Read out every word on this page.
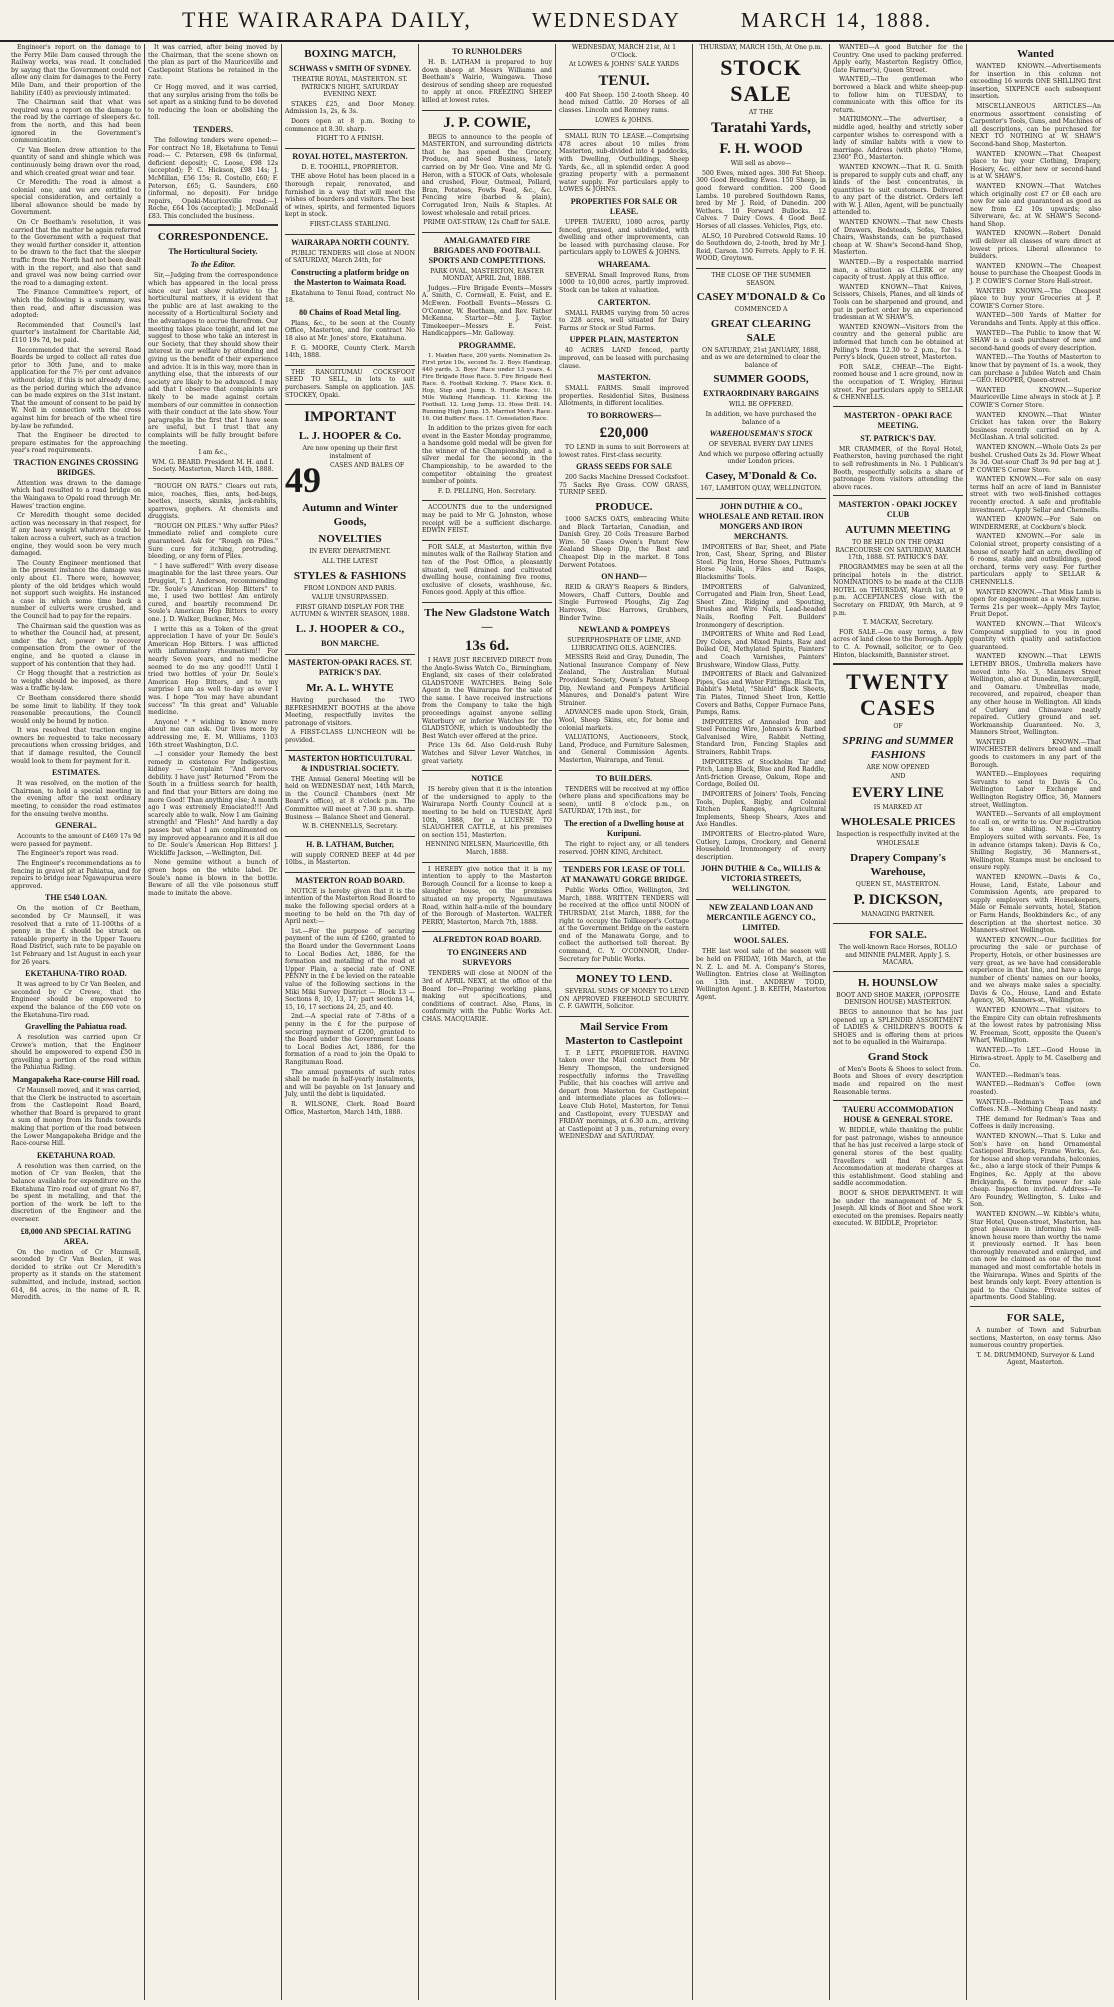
THE WAIRARAPA DAILY,	WEDNESDAY	MARCH 14, 1888.

Engineer's report on the damage to the Ferry Mile Dam caused through the Railway works, was read. It concluded by saying that the Government could not allow any claim for damages to the Ferry Mile Dam, and their proportion of the liability (£40) as previously intimated.

The Chairman said that what was required was a report on the damage to the road by the carriage of sleepers &c. from the north, and this had been ignored in the Government's communication.

Cr Van Beelen drew attention to the quantity of sand and shingle which was continuously being drawn over the road, and which created great wear and tear.

Cr Meredith: The road is almost a colonial one, and we are entitled to special consideration, and certainly a liberal allowance should be made by Government.

On Cr Beetham's resolution, it was carried that the matter be again referred to the Government with a request that they would further consider it, attention to be drawn to the fact that the sleeper traffic from the North had not been dealt with in the report, and also that sand and gravel was now being carried over the road to a damaging extent.

The Finance Committee's report, of which the following is a summary, was then read, and after discussion was adopted:

Recommended that Council's last quarter's instalment for Charitable Aid, £110 19s 7d, be paid.

Recommended that the several Road Boards be urged to collect all rates due prior to 30th June, and to make application for the 7½ per cent advance without delay, if this is not already done, as the period during which the advance can be made expires on the 31st instant. That the amount of consent to be paid by W. Noll in connection with the cross against him for breach of the wheel tire by-law be refunded.

That the Engineer be directed to prepare estimates for the approaching year's road requirements.

TRACTION ENGINES CROSSING BRIDGES.

Attention was drawn to the damage which had resulted to a road bridge on the Waingawa to Opaki road through Mr. Hawes' traction engine.

Cr Meredith thought some decided action was necessary in that respect, for if any heavy weight whatever could be taken across a culvert, such as a traction engine, they would soon be very much damaged.

The County Engineer mentioned that in the present instance the damage was only about £1. There were, however, plenty of the old bridges which would not support such weights. He instanced a case in which some time back a number of culverts were crushed, and the Council had to pay for the repairs.

The Chairman said the question was as to whether the Council had, at present, under the Act, power to recover compensation from the owner of the engine, and he quoted a clause in support of his contention that they had.

Cr Hogg thought that a restriction as to weight should be imposed, as there was a traffic by-law.

Cr Beetham considered there should be some limit to liability. If they took reasonable precautions, the Council would only be bound by notice.

It was resolved that traction engine owners be requested to take necessary precautions when crossing bridges, and that if damage resulted, the Council would look to them for payment for it.

ESTIMATES.

It was resolved, on the motion of the Chairman, to hold a special meeting in the evening after the next ordinary meeting, to consider the road estimates for the ensuing twelve months.

GENERAL.

Accounts to the amount of £469 17s 9d were passed for payment.

The Engineer's report was read.

The Engineer's recommendations as to fencing in gravel pit at Pahiatua, and for repairs to bridge near Ngawapurua were approved.

THE £540 LOAN.

On the motion of Cr Beetham, seconded by Cr Maunsell, it was resolved that a rate of 11-100ths of a penny in the £ should be struck on rateable property in the Upper Taueru Road District, such rate to be payable on 1st February and 1st August in each year for 26 years.

EKETAHUNA-TIRO ROAD.

It was agreed to by Cr Van Beelen, and seconded by Cr Crewe, that the Engineer should be empowered to expend the balance of the £60 vote on the Eketahuna-Tiro road.

Gravelling the Pahiatua road.

A resolution was carried upon Cr Crewe's motion, that the Engineer should be empowered to expend £50 in gravelling a portion of the road within the Pahiatua Riding.

Mangapakeha Race-course Hill road.

Cr Maunsell moved, and it was carried, that the Clerk be instructed to ascertain from the Castlepoint Road Board, whether that Board is prepared to grant a sum of money from its funds towards making that portion of the road between the Lower Mangapakeha Bridge and the Race-course Hill.

EKETAHUNA ROAD.

A resolution was then carried, on the motion of Cr van Beelen, that the balance available for expenditure on the Eketahuna Tiro road out of grant No 87, be spent in metalling, and that the portion of the work be left to the discretion of the Engineer and the overseer.

£8,000 AND SPECIAL RATING AREA.

On the motion of Cr Maunsell, seconded by Cr Van Beelen, it was decided to strike out Cr Meredith's property as it stands on the statement submitted, and include, instead, section 614, 84 acres, in the name of R. R. Meredith.

It was carried, after being moved by the Chairman, that the scene shown on the plan as part of the Mauriceville and Castlepoint Stations be retained in the rate.

Cr Hogg moved, and it was carried, that any surplus arising from the tolls be set apart as a sinking fund to be devoted to reducing the loan or abolishing the toll.

TENDERS.

The following tenders were opened:— For contract No 18, Eketahuna to Tenui road:— C. Petersen, £98 6s (informal, deficient deposit); C. Loose, £98 12s (accepted); P. C. Hickson, £98 14s; J. McMillan, £56 15s; R. Costello, £60; F. Peterson, £65; G. Saunders, £60 (informal, no deposit). For bridge repairs, Opaki-Mauriceville road:—J. Roche, £64 10s (accepted); J. McDonald £83. This concluded the business.

CORRESPONDENCE.
The Horticultural Society.
To the Editor.

Sir,—Judging from the correspondence which has appeared in the local press since our last show relative to the horticultural matters, it is evident that the public are at last awaking to the necessity of a Horticultural Society and the advantages to accrue therefrom. Our meeting takes place tonight, and let me suggest to those who take an interest in our Society, that they should show their interest in our welfare by attending and giving us the benefit of their experience and advice. It is in this way, more than in anything else, that the interests of our society are likely to be advanced. I may add that I observe that complaints are likely to be made against certain members of our committee in connection with their conduct at the late show. Your paragraphs in the first that I have seen are useful, but I trust that any complaints will be fully brought before the meeting.

I am &c.,

WM. G. BEARD. President M. H. and I. Society. Masterton, March 14th, 1888.

"ROUGH ON RATS." Clears out rats, mice, roaches, flies, ants, bed-bugs, beetles, insects, skunks, jack-rabbits, sparrows, gophers. At chemists and druggists.

"ROUGH ON PILES." Why suffer Piles? Immediate relief and complete cure guaranteed. Ask for "Rough on Piles." Sure cure for itching, protruding, bleeding, or any form of Piles.

" I have suffered!" With every disease imaginable for the last three years. Our Druggist, T. J. Anderson, recommending "Dr. Soule's American Hop Bitters" to me, I used two bottles! Am entirely cured, and heartily recommend Dr. Soule's American Hop Bitters to every one. J. D. Walker, Buckner, Mo.

I write this as a Token of the great appreciation I have of your Dr. Soule's American Hop Bitters. I was afflicted with inflammatory rheumatism!! For nearly Seven years, and no medicine seemed to do me any good!!! Until I tried two bottles of your Dr. Soule's American Hop Bitters, and to my surprise I am as well to-day as ever I was. I hope "You may have abundant success" "In this great and" Valuable medicine.

Anyone! * * wishing to know more about me can ask. Our lives more by addressing me, E. M. Williams, 1103 16th street Washington, D.C.

—I consider your Remedy the best remedy in existence For Indigestion, kidney — Complaint "And nervous debility. I have just" Returned "From the South in a fruitless search for health, and find that your Bitters are doing me more Good! Than anything else; A month ago I was extremely Emaciated!!! And scarcely able to walk. Now I am Gaining strength! and "Flesh!" And hardly a day passes but what I am complimented on my improved appearance and it is all due to Dr. Soule's American Hop Bitters! J. Wickliffe Jackson, —Wellington, Del.

None genuine without a bunch of green hops on the white label. Dr. Soule's name is blown in the bottle. Beware of all the vile poisonous stuff made to imitate the above.

BOXING MATCH,
SCHWASS v SMITH OF SYDNEY.

THEATRE ROYAL, MASTERTON. ST. PATRICK'S NIGHT, SATURDAY EVENING NEXT.

STAKES £25, and Door Money. Admission 1s, 2s, & 3s.

Doors open at 8 p.m. Boxing to commence at 8.30. sharp.

FIGHT TO A FINISH.

ROYAL HOTEL, MASTERTON.

D. E. TOOHILL, PROPRIETOR.

THE above Hotel has been placed in a thorough repair, renovated, and furnished in a way that will meet the wishes of boarders and visitors. The best of wines, spirits, and fermented liquors kept in stock.

FIRST-CLASS STABLING.

WAIRARAPA NORTH COUNTY.

PUBLIC TENDERS will close at NOON of SATURDAY, March 24th, for

Constructing a platform bridge on the Masterton to Waimata Road.

Ekatahuna to Tenui Road, contract No 18.

80 Chains of Road Metal ling.

Plans, &c., to be seen at the County Office, Masterton, and for contract No 18 also at Mr. Jones' store, Ekatahuna.

F. G. MOORE, County Clerk. March 14th, 1888.

THE RANGITUMAU COCKSFOOT SEED TO SELL, in lots to suit purchasers. Sample on application. JAS. STOCKEY, Opaki.

IMPORTANT
L. J. HOOPER & Co.

Are now opening up their first instalment of

49	CASES AND BALES OF

Autumn and Winter Goods,
NOVELTIES

IN EVERY DEPARTMENT.

ALL THE LATEST

STYLES & FASHIONS

FROM LONDON AND PARIS.

VALUE UNSURPASSED.

FIRST GRAND DISPLAY FOR THE AUTUMN & WINTER SEASON, 1888.

L. J. HOOPER & CO.,
BON MARCHE.
MASTERTON-OPAKI RACES. ST. PATRICK'S DAY.
Mr. A. L. WHYTE

Having purchased the TWO REFRESHMENT BOOTHS at the above Meeting, respectfully invites the patronage of visitors.

A FIRST-CLASS LUNCHEON will be provided.

MASTERTON HORTICULTURAL & INDUSTRIAL SOCIETY.

THE Annual General Meeting will be held on WEDNESDAY next, 14th March, in the Council Chambers (next Mr Beard's office), at 8 o'clock p.m. The Committee will meet at 7.30 p.m. sharp. Business — Balance Sheet and General.

W. B. CHENNELLS, Secretary.

H. B. LATHAM, Butcher,

will supply CORNED BEEF at 4d per 10lbs., in Masterton.

MASTERTON ROAD BOARD.

NOTICE is hereby given that it is the intention of the Masterton Road Board to make the following special orders at a meeting to be held on the 7th day of April next:—

1st.—For the purpose of securing payment of the sum of £260, granted to the Board under the Government Loans to Local Bodies Act, 1886, for the formation and metalling of the road at Upper Plain, a special rate of ONE PENNY in the £ be levied on the rateable value of the following sections in the Miki Miki Survey District — Block 13 — Sections 8, 10, 13, 17; part sections 14, 15, 16, 17 sections 24, 25, and 40.

2nd.—A special rate of 7-8ths of a penny in the £ for the purpose of securing payment of £200, granted to the Board under the Government Loans to Local Bodies Act, 1886, for the formation of a road to join the Opaki to Rangitumau Road.

The annual payments of such rates shall be made in half-yearly instalments, and will be payable on 1st January and July, until the debt is liquidated.

R. WILSONE, Clerk. Road Board Office, Masterton, March 14th, 1888.

TO RUNHOLDERS

H. B. LATHAM is prepared to buy down sheep at Messrs Williams and Beetham's Wairio, Waingawa. Those desirous of sending sheep are requested to apply at once. FREEZING SHEEP killed at lowest rates.

J. P. COWIE,

BEGS to announce to the people of MASTERTON, and surrounding districts that he has opened the Grocery, Produce, and Seed Business, lately carried on by Mr Geo. Vine and Mr G. Heron, with a STOCK of Oats, wholesale and crushed, Flour, Oatmeal, Pollard, Bran, Potatoes, Fowls Feed, &c., &c. Fencing wire (barbed & plain), Corrugated Iron, Nails & Staples. At lowest wholesale and retail prices.

PRIME OAT-STRAW, 12s Chaff for SALE.

AMALGAMATED FIRE BRIGADES AND FOOTBALL SPORTS AND COMPETITIONS.

PARK OVAL, MASTERTON, EASTER MONDAY, APRIL 2nd, 1888.

Judges.—Fire Brigade Events—Messrs A. Smith, C. Cornwall, E. Feist, and E. McEwen. Football Events—Messrs G. O'Connor, W. Beetham, and Rev. Father McKenna. Starter—Mr. J. Taylor. Timekeeper—Messrs E. Feist. Handicappers—Mr. Galloway.

PROGRAMME.

1. Maiden Race, 200 yards. Nomination 2s. First prize 10s, second 5s. 2. Boys Handicap, 440 yards. 3. Boys' Race under 13 years. 4. Fire Brigade Hose Race. 5. Fire Brigade Reel Race. 6. Football Kicking. 7. Place Kick. 8. Hop, Step and Jump. 9. Hurdle Race. 10. Mile Walking Handicap. 11. Kicking the Football. 12. Long Jump. 13. Hose Drill. 14. Running High Jump. 15. Married Men's Race. 16. Old Buffers' Race. 17. Consolation Race.

In addition to the prizes given for each event in the Easter Monday programme, a handsome gold medal will be given for the winner of the Championship, and a silver medal for the second in the Championship, to be awarded to the competitor obtaining the greatest number of points.

F. D. PELLING, Hon. Secretary.

ACCOUNTS due to the undersigned may be paid to Mr G. Johnston, whose receipt will be a sufficient discharge. EDWIN FEIST.

FOR SALE, at Masterton, within five minutes walk of the Railway Station and ten of the Post Office, a pleasantly situated, well drained and cultivated dwelling house, containing five rooms, exclusive of closets, washhouse, &c. Fences good. Apply at this office.

The New Gladstone Watch—
13s 6d.

I HAVE JUST RECEIVED DIRECT from the Anglo-Swiss Watch Co., Birmingham, England, six cases of their celebrated GLADSTONE WATCHES. Being Sole Agent in the Wairarapa for the sale of the same. I have received instructions from the Company to take the high proceedings against anyone selling Waterbury or inferior Watches for the GLADSTONE, which is undoubtedly the Best Watch ever offered at the price.

Price 13s 6d. Also Gold-rush Ruby Watches and Silver Lever Watches, in great variety.

NOTICE

IS hereby given that it is the intention of the undersigned to apply to the Wairarapa North County Council at a meeting to be held on TUESDAY, April 10th, 1888, for a LICENSE TO SLAUGHTER CATTLE, at his premises on section 151, Masterton.

HENNING NIELSEN, Mauriceville, 6th March, 1888.

I HEREBY give notice that it is my intention to apply to the Masterton Borough Council for a license to keep a slaughter house, on the premises situated on my property, Ngaumutawa Road, within half-a-mile of the boundary of the Borough of Masterton. WALTER PERRY, Masterton, March 7th, 1888.

ALFREDTON ROAD BOARD.
TO ENGINEERS AND SURVEYORS

TENDERS will close at NOON of the 3rd of APRIL NEXT, at the office of the Board for—Preparing working plans, making out specifications, and conditions of contract. Also, Plans, in conformity with the Public Works Act. CHAS. MACQUARIE.

WEDNESDAY, MARCH 21st, At 1 O'Clock.

At LOWES & JOHNS' SALE YARDS

TENUI.

400 Fat Sheep. 150 2-tooth Sheep. 40 head mixed Cattle. 20 Horses of all classes. Lincoln and Romney rams.

LOWES & JOHNS.

SMALL RUN TO LEASE.—Comprising 478 acres about 10 miles from Masterton, sub-divided into 4 paddocks, with Dwelling, Outbuildings, Sheep Yards, &c., all in splendid order. A good grazing property with a permanent water supply. For particulars apply to LOWES & JOHNS.

PROPERTIES FOR SALE OR LEASE.

UPPER TAUERU, 1080 acres, partly fenced, grassed, and subdivided, with dwelling and other improvements, can be leased with purchasing clause. For particulars apply to LOWES & JOHNS.

WHAREAMA.

SEVERAL Small Improved Runs, from 1000 to 10,000 acres, partly improved. Stock can be taken at valuation.

CARTERTON.

SMALL FARMS varying from 50 acres to 228 acres, well situated for Dairy Farms or Stock or Stud Farms.

UPPER PLAIN, MASTERTON

40 ACRES LAND fenced, partly improved, can be leased with purchasing clause.

MASTERTON.

SMALL FARMS. Small improved properties. Residential Sites, Business Allotments, in different localities.

TO BORROWERS—
£20,000

TO LEND in sums to suit Borrowers at lowest rates. First-class security.

GRASS SEEDS FOR SALE

200 Sacks Machine Dressed Cocksfoot. 75 Sacks Rye Grass. COW GRASS, TURNIP SEED.

PRODUCE.

1000 SACKS OATS, embracing White and Black Tartarian, Canadian, and Danish Grey. 20 Coils Treasure Barbed Wire. 50 Cases Owen's Patent New Zealand Sheep Dip, the Best and Cheapest Dip in the market. 8 Tons Derwent Potatoes.

ON HAND—

REID & GRAY'S Reapers & Binders, Mowers, Chaff Cutters, Double and Single Furrowed Ploughs, Zig Zag Harrows, Disc Harrows, Grubbers, Binder Twine.

NEWLAND & POMPEYS

SUPERPHOSPHATE OF LIME, AND LUBRICATING OILS. AGENCIES.

MESSRS Reid and Gray, Dunedin, The National Insurance Company of New Zealand, The Australian Mutual Provident Society, Owen's Patent Sheep Dip, Newland and Pompeys Artificial Manures, and Donald's patent Wire Strainer.

ADVANCES made upon Stock, Grain, Wool, Sheep Skins, etc, for home and colonial markets.

VALUATIONS, Auctioneers, Stock, Land, Produce, and Furniture Salesmen, and General Commission Agents. Masterton, Wairarapa, and Tenui.

TO BUILDERS.

TENDERS will be received at my office (where plans and specifications may be seen), until 8 o'clock p.m., on SATURDAY, 17th inst., for

The erection of a Dwelling house at Kuripuni.

The right to reject any, or all tenders reserved. JOHN KING, Architect.

TENDERS FOR LEASE OF TOLL AT MANAWATU GORGE BRIDGE.

Public Works Office, Wellington, 3rd March, 1888. WRITTEN TENDERS will be received at the office until NOON of THURSDAY, 21st March, 1888, for the right to occupy the Tollkeeper's Cottage at the Government Bridge on the eastern end of the Manawatu Gorge, and to collect the authorised toll thereat. By command, C. Y. O'CONNOR, Under-Secretary for Public Works.

MONEY TO LEND.

SEVERAL SUMS OF MONEY TO LEND ON APPROVED FREEHOLD SECURITY. C. F. GAWITH, Solicitor.

Mail Service From Masterton to Castlepoint

T. P. LETT, PROPRIETOR. HAVING taken over the Mail contract from Mr Henry Thompson, the undersigned respectfully informs the Travelling Public, that his coaches will arrive and depart from Masterton for Castlepoint and intermediate places as follows:—Leave Club Hotel, Masterton, for Tenui and Castlepoint, every TUESDAY and FRIDAY mornings, at 6.30 a.m., arriving at Castlepoint at 3 p.m., returning every WEDNESDAY and SATURDAY.

THURSDAY, MARCH 15th, At One p.m.

STOCK SALE

AT THE

Taratahi Yards,
F. H. WOOD

Will sell as above—

500 Ewes, mixed ages. 300 Fat Sheep. 300 Good Breeding Ewes. 150 Sheep, in good forward condition. 200 Good Lambs. 10 purebred Southdown Rams, bred by Mr J. Reid, of Dunedin. 200 Wethers. 10 Forward Bullocks. 12 Calves. 7 Dairy Cows. 4 Good Beef. Horses of all classes. Vehicles, Pigs, etc.

ALSO, 10 Purebred Cotswold Rams. 10 do Southdown do, 2-tooth, bred by Mr J. Reid, Carson. 150 Ferrets. Apply to F. H. WOOD, Greytown.

THE CLOSE OF THE SUMMER SEASON.

CASEY M'DONALD & Co

COMMENCED A

GREAT CLEARING SALE

ON SATURDAY, 21st JANUARY, 1888, and as we are determined to clear the balance of

SUMMER GOODS,
EXTRAORDINARY BARGAINS

WILL BE OFFERED.

In addition, we have purchased the balance of a

WAREHOUSEMAN'S STOCK

OF SEVERAL EVERY DAY LINES

And which we purpose offering actually under London prices.

Casey, M'Donald & Co.

167, LAMBTON QUAY, WELLINGTON.

JOHN DUTHIE & CO., WHOLESALE AND RETAIL IRON MONGERS AND IRON MERCHANTS.

IMPORTERS of Bar, Sheet, and Plate Iron, Cast, Shear, Spring, and Blister Steel. Pig Iron, Horse Shoes, Puttnam's Horse Nails, Files and Rasps, Blacksmiths' Tools.

IMPORTERS of Galvanized, Corrugated and Plain Iron, Sheet Lead, Sheet Zinc, Ridging and Spouting, Brushes and Wire Nails, Lead-headed Nails, Roofing Felt. Builders' Ironmongery of description.

IMPORTERS of White and Red Lead, Dry Colors, and Mixed Paints, Raw and Boiled Oil, Methylated Spirits, Painters' and Coach Varnishes, Painters' Brushware, Window Glass, Putty.

IMPORTERS of Black and Galvanized Pipes, Gas and Water Fittings. Black Tin, Babbit's Metal, "Shield" Black Sheets, Tin Plates, Tinned Sheet Iron, Kettle Covers and Baths, Copper Furnace Pans, Pumps, Rams.

IMPORTERS of Annealed Iron and Steel Fencing Wire, Johnson's & Barbed Galvanised Wire, Rabbit Netting, Standard Iron, Fencing Staples and Strainers, Rabbit Traps.

IMPORTERS of Stockholm Tar and Pitch, Lamp Black, Blue and Red Raddle, Anti-friction Grease, Oakum, Rope and Cordage, Boiled Oil.

IMPORTERS of Joiners' Tools, Fencing Tools, Duplex, Rigby, and Colonial Kitchen Ranges, Agricultural Implements, Sheep Shears, Axes and Axe Handles.

IMPORTERS of Electro-plated Ware, Cutlery, Lamps, Crockery, and General Household Ironmongery of every description.

JOHN DUTHIE & Co., WILLIS & VICTORIA STREETS, WELLINGTON.
NEW ZEALAND LOAN AND MERCANTILE AGENCY CO., LIMITED.
WOOL SALES.

THE last wool sale of the season will be held on FRIDAY, 16th March, at the N. Z. L. and M. A. Company's Stores, Wellington. Entries close at Wellington on 13th inst. ANDREW TODD, Wellington Agent. J. B. KEITH, Masterton Agent.

WANTED—A good Butcher for the Country. One used to packing preferred. Apply early, Masterton Registry Office, (late Farmer's), Queen Street.

WANTED,—The gentleman who borrowed a black and white sheep-pup to follow him on TUESDAY, to communicate with this office for its return.

MATRIMONY.—The advertiser, a middle aged, healthy and strictly sober carpenter wishes to correspond with a lady of similar habits with a view to marriage. Address (with photo) "Home, 2360" P.O., Masterton.

WANTED KNOWN.—That R. G. Smith is prepared to supply cuts and chaff, any kinds of the best concentrates, in quantities to suit customers. Delivered to any part of the district. Orders left with W. J. Allen, Agent, will be punctually attended to.

WANTED KNOWN.—That new Chests of Drawers, Bedsteads, Sofas, Tables, Chairs, Washstands, can be purchased cheap at W. Shaw's Second-hand Shop, Masterton.

WANTED.—By a respectable married man, a situation as CLERK or any capacity of trust. Apply at this office.

WANTED KNOWN—That Knives, Scissors, Chisels, Planes, and all kinds of Tools can be sharpened and ground, and put in perfect order by an experienced tradesman at W. SHAW'S.

WANTED KNOWN—Visitors from the country and the general public are informed that lunch can be obtained at Pelling's from 12.30 to 2 p.m., for 1s. Perry's block, Queen street, Masterton.

FOR SALE, CHEAP.—The Eight-roomed house and 1 acre ground, now in the occupation of T. Wrigley, Hirinui street. For particulars apply to SELLAR & CHENNELLS.

MASTERTON - OPAKI RACE MEETING.
ST. PATRICK'S DAY.

MR CRAMMER, of the Royal Hotel, Featherston, having purchased the right to sell refreshments in No. 1 Publican's Booth, respectfully solicits a share of patronage from visitors attending the above races.

MASTERTON - OPAKI JOCKEY CLUB
AUTUMN MEETING

TO BE HELD ON THE OPAKI RACECOURSE ON SATURDAY, MARCH 17th, 1888. ST. PATRICK'S DAY.

PROGRAMMES may be seen at all the principal hotels in the district. NOMINATIONS to be made at the CLUB HOTEL on THURSDAY, March 1st, at 9 p.m. ACCEPTANCES close with the Secretary on FRIDAY, 9th March, at 9 p.m.

T. MACKAY, Secretary.

FOR SALE.—On easy terms, a few acres of land close to the Borough. Apply to C. A. Pownall, solicitor, or to Geo. Hinton, blacksmith, Bannister street.

TWENTY CASES

OF

SPRING and SUMMER FASHIONS

ARE NOW OPENED

AND

EVERY LINE

IS MARKED AT

WHOLESALE PRICES

Inspection is respectfully invited at the

WHOLESALE

Drapery Company's Warehouse,

QUEEN ST., MASTERTON.

P. DICKSON,

MANAGING PARTNER.

FOR SALE.

The well-known Race Horses, ROLLO and MINNIE PALMER. Apply J. S. MACARA.

H. HOUNSLOW

BOOT AND SHOE MAKER, (OPPOSITE DENISON HOUSE) MASTERTON.

BEGS to announce that he has just opened up a SPLENDID ASSORTMENT of LADIES & CHILDREN'S BOOTS & SHOES and is offering them at prices not to be equalled in the Wairarapa.

Grand Stock

of Men's Boots & Shoes to select from. Boots and Shoes of every description made and repaired on the most Reasonable terms.

TAUERU ACCOMMODATION HOUSE & GENERAL STORE.

W. BIDDLE, while thanking the public for past patronage, wishes to announce that he has just received a large stock of general stores of the best quality. Travellers will find First Class Accommodation at moderate charges at this establishment. Good stabling and saddle accommodation.

BOOT & SHOE DEPARTMENT. It will be under the management of Mr S. Joseph. All kinds of Boot and Shoe work executed on the premises. Repairs neatly executed. W. BIDDLE, Proprietor.

Wanted

WANTED KNOWN.—Advertisements for insertion in this column not exceeding 16 words ONE SHILLING first insertion, SIXPENCE each subsequent insertion.

MISCELLANEOUS ARTICLES—An enormous assortment consisting of Carpenter's Tools, Guns, and Machines of all descriptions, can be purchased for NEXT TO NOTHING at W. SHAW'S Second-hand Shop, Masterton.

WANTED KNOWN.—That Cheapest place to buy your Clothing, Drapery, Hosiery, &c. either new or second-hand is at W. SHAW'S.

WANTED KNOWN.—That Watches which originally cost £7 or £8 each are now for sale and guaranteed as good as new from £2 10s upwards; also Silverware, &c. at W. SHAW'S Second-hand Shop.

WANTED KNOWN.—Robert Donald will deliver all classes of ware direct at lowest prices. Liberal allowance to builders.

WANTED KNOWN.—The Cheapest house to purchase the Cheapest Goods in J. P. COWIE'S Corner Store Hall-street.

WANTED KNOWN.—The Cheapest place to buy your Groceries at J. P. COWIE'S Corner Store.

WANTED—500 Yards of Matter for Verandahs and Tents. Apply at this office.

WANTED—The Public to know that W. SHAW is a cash purchaser of new and second-hand goods of every description.

WANTED.—The Youths of Masterton to know that by payment of 1s. a week, they can purchase a Jubilee Watch and Chain—GEO. HOOPER, Queen-street.

WANTED KNOWN.—Superior Mauriceville Lime always in stock at J. P. COWIE'S Corner Store.

WANTED KNOWN.—That Winter Cricket has taken over the Bakery business recently carried on by A. McGlashan. A trial solicited.

WANTED KNOWN.—Whole Oats 2s per bushel. Crushed Oats 2s 3d. Flowr Wheat 3s 3d. Oat-sour Chaff 3s 9d per bag at J. P. COWIE'S Corner Store.

WANTED KNOWN.—For sale on easy terms half an acre of land in Bannister street with two well-finished cottages recently erected. A safe and profitable investment.—Apply Sellar and Chennells.

WANTED KNOWN.—For Sale on WINDERMERE, at Cockburn's block.

WANTED KNOWN.—For sale in Colonial street, property consisting of a house of nearly half an acre, dwelling of 6 rooms, stable and outbuildings, good orchard, terms very easy. For further particulars apply to SELLAR & CHENNELLS.

WANTED KNOWN.—That Miss Lamb is open for engagement as a weekly nurse. Terms 21s per week—Apply Mrs Taylor, Fruit Depot.

WANTED KNOWN.—That Wilcox's Compound supplied to you in good quantity with quality and satisfaction guaranteed.

WANTED KNOWN.—That LEWIS LETHBY BROS., Umbrella makers have moved into No. 3, Manners Street Wellington, also at Dunedin, Invercargill, and Oamaru. Umbrellas made, recovered, and repaired, cheaper than any other house in Wellington. All kinds of Cutlery and Chinaware neatly repaired. Cutlery ground and set. Workmanship Guaranteed. No. 3, Manners Street, Wellington.

WANTED KNOWN.—That WINCHESTER delivers bread and small goods to customers in any part of the Borough.

WANTED.—Employees requiring Servants to send to Davis & Co., Wellington Labor Exchange and Wellington Registry Office, 36, Manners street, Wellington.

WANTED.—Servants of all employment to call on, or write to us. Our registration fee is one shilling. N.B.—Country Employers suited with servants. Fee, 1s in advance (stamps taken). Davis & Co., Shilling Registry, 36 Manners-st., Wellington. Stamps must be enclosed to ensure reply.

WANTED KNOWN.—Davis & Co., House, Land, Estate, Labour and Commission Agents, are prepared to supply employers with Housekeepers, Male or Female servants, hotel, Station or Farm Hands, Bookbinders &c., of any description at the shortest notice. 30 Manners-street Wellington.

WANTED KNOWN.—Our facilities for procuring the sale or purchase of Property, Hotels, or other businesses are very great, as we have had considerable experience in that line, and have a large number of clients' names on our books, and we always make sales a specialty. Davis & Co., House, Land and Estate Agency, 36, Manners-st., Wellington.

WANTED KNOWN.—That visitors to the Empire City can obtain refreshments at the lowest rates by patronising Miss W. Freeman, Scott, opposite the Queen's Wharf, Wellington.

WANTED.—To LET.—Good House in Hiriwa-street. Apply to M. Caselberg and Co.

WANTED.—Redman's teas.

WANTED.—Redman's Coffee (own roasted).

WANTED.—Redman's Teas and Coffees. N.B.—Nothing Cheap and nasty.

THE demand for Redman's Teas and Coffees is daily increasing.

WANTED KNOWN.—That S. Luke and Son's have on hand Ornamental Castiepoel Brackets, Frame Works, &c. for house and shop verandahs, balconies, &c., also a large stock of their Pumps & Engines, &c. Apply at the above Brickyards, & forms power for sale cheap. Inspection invited. Address—Te Aro Foundry, Wellington, S. Luke and Son.

WANTED KNOWN.—W. Kibble's white, Star Hotel, Queen-street, Masterton, has great pleasure in informing his well-known house more than worthy the name it previously earned. It has been thoroughly renovated and enlarged, and can now be claimed as one of the most managed and most comfortable hotels in the Wairarapa. Wines and Spirits of the best brands only kept. Every attention is paid to the Cuisine. Private suites of apartments. Good Stabling.

FOR SALE,

A number of Town and Suburban sections, Masterton, on easy terms. Also numerous country properties.

T. M. DRUMMOND, Surveyor & Land Agent, Masterton.
